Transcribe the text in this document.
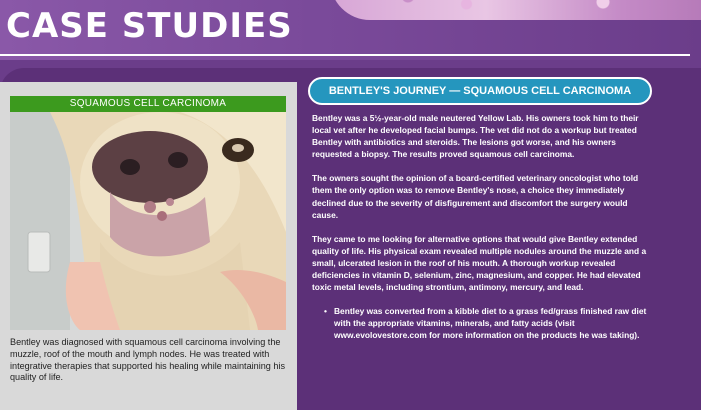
CASE STUDIES
SQUAMOUS CELL CARCINOMA

Bentley was diagnosed with squamous cell carcinoma involving the muzzle, roof of the mouth and lymph nodes. He was treated with integrative therapies that supported his healing while maintaining his quality of life.

BENTLEY'S JOURNEY — SQUAMOUS CELL CARCINOMA

Bentley was a 5½-year-old male neutered Yellow Lab. His owners took him to their local vet after he developed facial bumps. The vet did not do a workup but treated Bentley with antibiotics and steroids. The lesions got worse, and his owners requested a biopsy. The results proved squamous cell carcinoma.

The owners sought the opinion of a board-certified veterinary oncologist who told them the only option was to remove Bentley's nose, a choice they immediately declined due to the severity of disfigurement and discomfort the surgery would cause.

They came to me looking for alternative options that would give Bentley extended quality of life. His physical exam revealed multiple nodules around the muzzle and a small, ulcerated lesion in the roof of his mouth. A thorough workup revealed deficiencies in vitamin D, selenium, zinc, magnesium, and copper. He had elevated toxic metal levels, including strontium, antimony, mercury, and lead.

• Bentley was converted from a kibble diet to a grass fed/grass finished raw diet with the appropriate vitamins, minerals, and fatty acids (visit www.evolovestore.com for more information on the products he was taking).
